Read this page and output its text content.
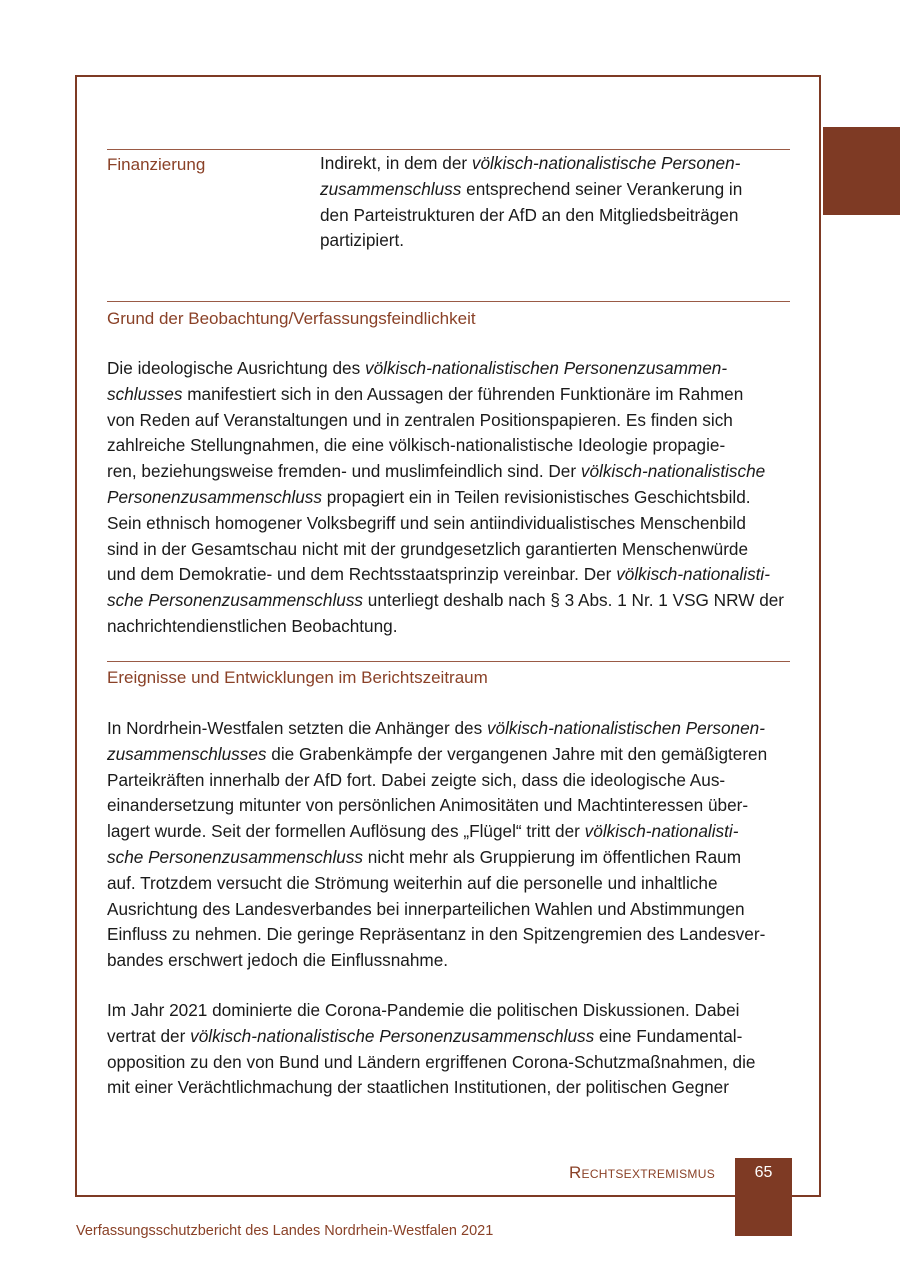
Finanzierung	Indirekt, in dem der völkisch-nationalistische Personen-
zusammenschluss entsprechend seiner Verankerung in
den Parteistrukturen der AfD an den Mitgliedsbeiträgen
partizipiert.
Grund der Beobachtung/Verfassungsfeindlichkeit
Die ideologische Ausrichtung des völkisch-nationalistischen Personenzusammen-
schlusses manifestiert sich in den Aussagen der führenden Funktionäre im Rahmen
von Reden auf Veranstaltungen und in zentralen Positionspapieren. Es finden sich
zahlreiche Stellungnahmen, die eine völkisch-nationalistische Ideologie propagie-
ren, beziehungsweise fremden- und muslimfeindlich sind. Der völkisch-nationalistische
Personenzusammenschluss propagiert ein in Teilen revisionistisches Geschichtsbild.
Sein ethnisch homogener Volksbegriff und sein antiindividualistisches Menschenbild
sind in der Gesamtschau nicht mit der grundgesetzlich garantierten Menschenwürde
und dem Demokratie- und dem Rechtsstaatsprinzip vereinbar. Der völkisch-nationalisti-
sche Personenzusammenschluss unterliegt deshalb nach § 3 Abs. 1 Nr. 1 VSG NRW der
nachrichtendienstlichen Beobachtung.
Ereignisse und Entwicklungen im Berichtszeitraum
In Nordrhein-Westfalen setzten die Anhänger des völkisch-nationalistischen Personen-
zusammenschlusses die Grabenkämpfe der vergangenen Jahre mit den gemäßigteren
Parteikräften innerhalb der AfD fort. Dabei zeigte sich, dass die ideologische Aus-
einandersetzung mitunter von persönlichen Animositäten und Machtinteressen über-
lagert wurde. Seit der formellen Auflösung des „Flügel“ tritt der völkisch-nationalisti-
sche Personenzusammenschluss nicht mehr als Gruppierung im öffentlichen Raum
auf. Trotzdem versucht die Strömung weiterhin auf die personelle und inhaltliche
Ausrichtung des Landesverbandes bei innerparteilichen Wahlen und Abstimmungen
Einfluss zu nehmen. Die geringe Repräsentanz in den Spitzengremien des Landesver-
bandes erschwert jedoch die Einflussnahme.
Im Jahr 2021 dominierte die Corona-Pandemie die politischen Diskussionen. Dabei
vertrat der völkisch-nationalistische Personenzusammenschluss eine Fundamental-
opposition zu den von Bund und Ländern ergriffenen Corona-Schutzmaßnahmen, die
mit einer Verächtlichmachung der staatlichen Institutionen, der politischen Gegner
Rechtsextremismus	65
Verfassungsschutzbericht des Landes Nordrhein-Westfalen 2021
